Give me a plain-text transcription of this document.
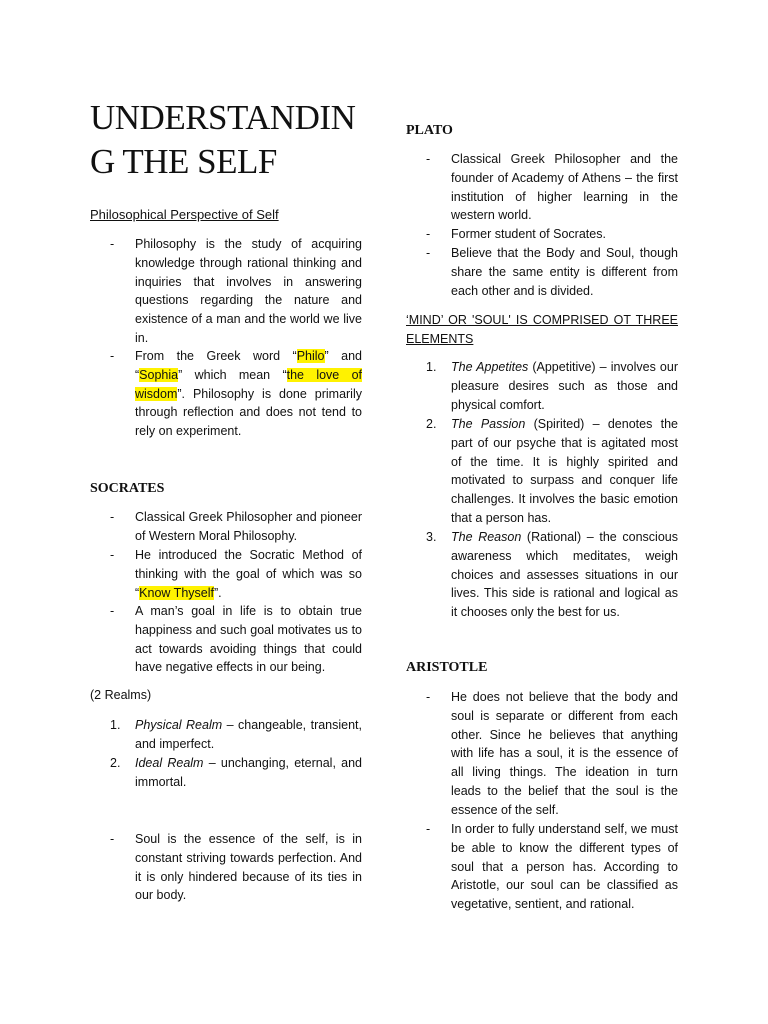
UNDERSTANDING THE SELF
Philosophical Perspective of Self
-	Philosophy is the study of acquiring knowledge through rational thinking and inquiries that involves in answering questions regarding the nature and existence of a man and the world we live in.
-	From the Greek word “Philo” and “Sophia” which mean “the love of wisdom”. Philosophy is done primarily through reflection and does not tend to rely on experiment.
SOCRATES
-	Classical Greek Philosopher and pioneer of Western Moral Philosophy.
-	He introduced the Socratic Method of thinking with the goal of which was so “Know Thyself”.
-	A man’s goal in life is to obtain true happiness and such goal motivates us to act towards avoiding things that could have negative effects in our being.
(2 Realms)
1.	Physical Realm – changeable, transient, and imperfect.
2.	Ideal Realm – unchanging, eternal, and immortal.
-	Soul is the essence of the self, is in constant striving towards perfection. And it is only hindered because of its ties in our body.
PLATO
-	Classical Greek Philosopher and the founder of Academy of Athens – the first institution of higher learning in the western world.
-	Former student of Socrates.
-	Believe that the Body and Soul, though share the same entity is different from each other and is divided.
‘MIND’ OR 'SOUL' IS COMPRISED OT THREE ELEMENTS
1.	The Appetites (Appetitive) – involves our pleasure desires such as those and physical comfort.
2.	The Passion (Spirited) – denotes the part of our psyche that is agitated most of the time. It is highly spirited and motivated to surpass and conquer life challenges. It involves the basic emotion that a person has.
3.	The Reason (Rational) – the conscious awareness which meditates, weigh choices and assesses situations in our lives. This side is rational and logical as it chooses only the best for us.
ARISTOTLE
-	He does not believe that the body and soul is separate or different from each other. Since he believes that anything with life has a soul, it is the essence of all living things. The ideation in turn leads to the belief that the soul is the essence of the self.
-	In order to fully understand self, we must be able to know the different types of soul that a person has. According to Aristotle, our soul can be classified as vegetative, sentient, and rational.
